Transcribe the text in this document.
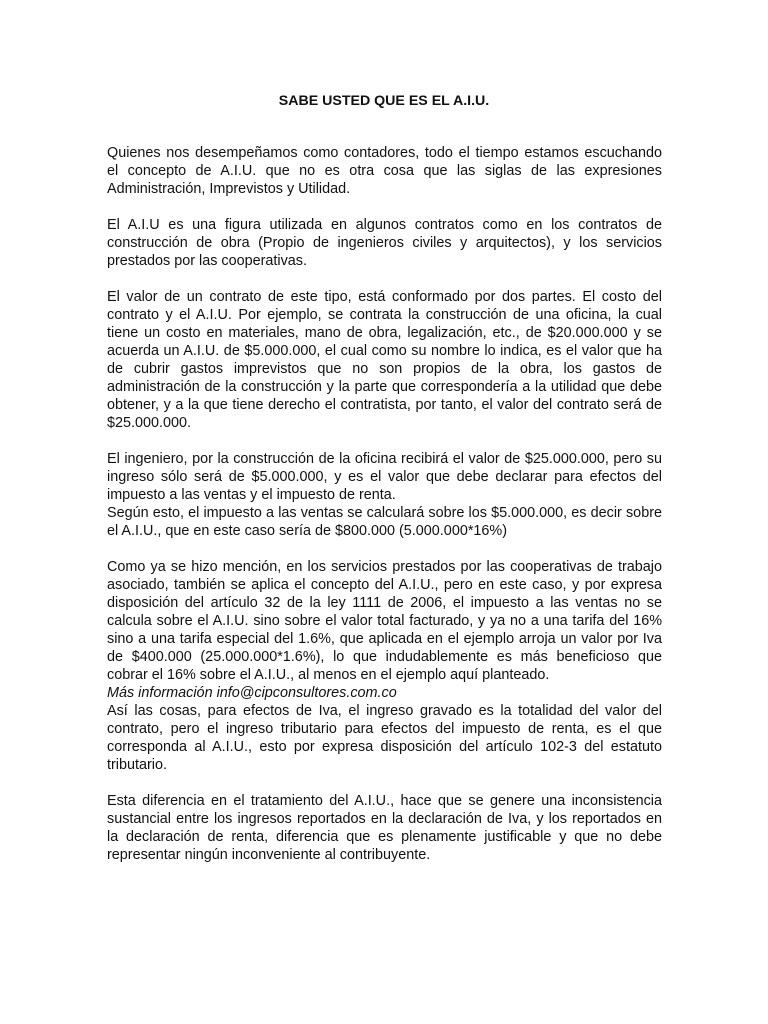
SABE USTED QUE ES EL A.I.U.

Quienes nos desempeñamos como contadores, todo el tiempo estamos escuchando el concepto de A.I.U. que no es otra cosa que las siglas de las expresiones Administración, Imprevistos y Utilidad.

El A.I.U es una figura utilizada en algunos contratos como en los contratos de construcción de obra (Propio de ingenieros civiles y arquitectos), y los servicios prestados por las cooperativas.

El valor de un contrato de este tipo, está conformado por dos partes. El costo del contrato y el A.I.U. Por ejemplo, se contrata la construcción de una oficina, la cual tiene un costo en materiales, mano de obra, legalización, etc., de $20.000.000 y se acuerda un A.I.U. de $5.000.000, el cual como su nombre lo indica, es el valor que ha de cubrir gastos imprevistos que no son propios de la obra, los gastos de administración de la construcción y la parte que correspondería a la utilidad que debe obtener, y a la que tiene derecho el contratista, por tanto, el valor del contrato será de $25.000.000.

El ingeniero, por la construcción de la oficina recibirá el valor de $25.000.000, pero su ingreso sólo será de $5.000.000, y es el valor que debe declarar para efectos del impuesto a las ventas y el impuesto de renta.

Según esto, el impuesto a las ventas se calculará sobre los $5.000.000, es decir sobre el A.I.U., que en este caso sería de $800.000 (5.000.000*16%)

Como ya se hizo mención, en los servicios prestados por las cooperativas de trabajo asociado, también se aplica el concepto del A.I.U., pero en este caso, y por expresa disposición del artículo 32 de la ley 1111 de 2006, el impuesto a las ventas no se calcula sobre el A.I.U. sino sobre el valor total facturado, y ya no a una tarifa del 16% sino a una tarifa especial del 1.6%, que aplicada en el ejemplo arroja un valor por Iva de $400.000 (25.000.000*1.6%), lo que indudablemente es más beneficioso que cobrar el 16% sobre el A.I.U., al menos en el ejemplo aquí planteado.

Más información info@cipconsultores.com.co

Así las cosas, para efectos de Iva, el ingreso gravado es la totalidad del valor del contrato, pero el ingreso tributario para efectos del impuesto de renta, es el que corresponda al A.I.U., esto por expresa disposición del artículo 102-3 del estatuto tributario.

Esta diferencia en el tratamiento del A.I.U., hace que se genere una inconsistencia sustancial entre los ingresos reportados en la declaración de Iva, y los reportados en la declaración de renta, diferencia que es plenamente justificable y que no debe representar ningún inconveniente al contribuyente.
